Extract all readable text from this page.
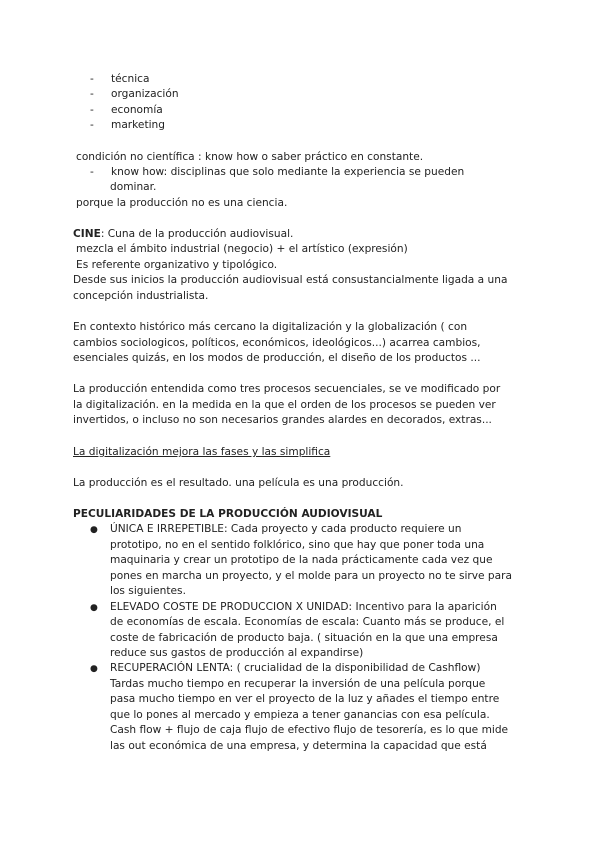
- técnica
- organización
- economía
- marketing
condición no científica : know how o saber práctico en constante.
- know how: disciplinas que solo mediante la experiencia se pueden
dominar.
porque la producción no es una ciencia.
CINE: Cuna de la producción audiovisual.
mezcla el ámbito industrial (negocio) + el artístico (expresión)
Es referente organizativo y tipológico.
Desde sus inicios la producción audiovisual está consustancialmente ligada a una
concepción industrialista.
En contexto histórico más cercano la digitalización y la globalización ( con
cambios sociologicos, políticos, económicos, ideológicos...) acarrea cambios,
esenciales quizás, en los modos de producción, el diseño de los productos ...
La producción entendida como tres procesos secuenciales, se ve modificado por
la digitalización. en la medida en la que el orden de los procesos se pueden ver
invertidos, o incluso no son necesarios grandes alardes en decorados, extras...
La digitalización mejora las fases y las simplifica
La producción es el resultado. una película es una producción.
PECULIARIDADES DE LA PRODUCCIÓN AUDIOVISUAL
● ÚNICA E IRREPETIBLE: Cada proyecto y cada producto requiere un
prototipo, no en el sentido folklórico, sino que hay que poner toda una
maquinaria y crear un prototipo de la nada prácticamente cada vez que
pones en marcha un proyecto, y el molde para un proyecto no te sirve para
los siguientes.
● ELEVADO COSTE DE PRODUCCION X UNIDAD: Incentivo para la aparición
de economías de escala. Economías de escala: Cuanto más se produce, el
coste de fabricación de producto baja. ( situación en la que una empresa
reduce sus gastos de producción al expandirse)
● RECUPERACIÓN LENTA: ( crucialidad de la disponibilidad de Cashflow)
Tardas mucho tiempo en recuperar la inversión de una película porque
pasa mucho tiempo en ver el proyecto de la luz y añades el tiempo entre
que lo pones al mercado y empieza a tener ganancias con esa película.
Cash flow + flujo de caja flujo de efectivo flujo de tesorería, es lo que mide
las out económica de una empresa, y determina la capacidad que está
